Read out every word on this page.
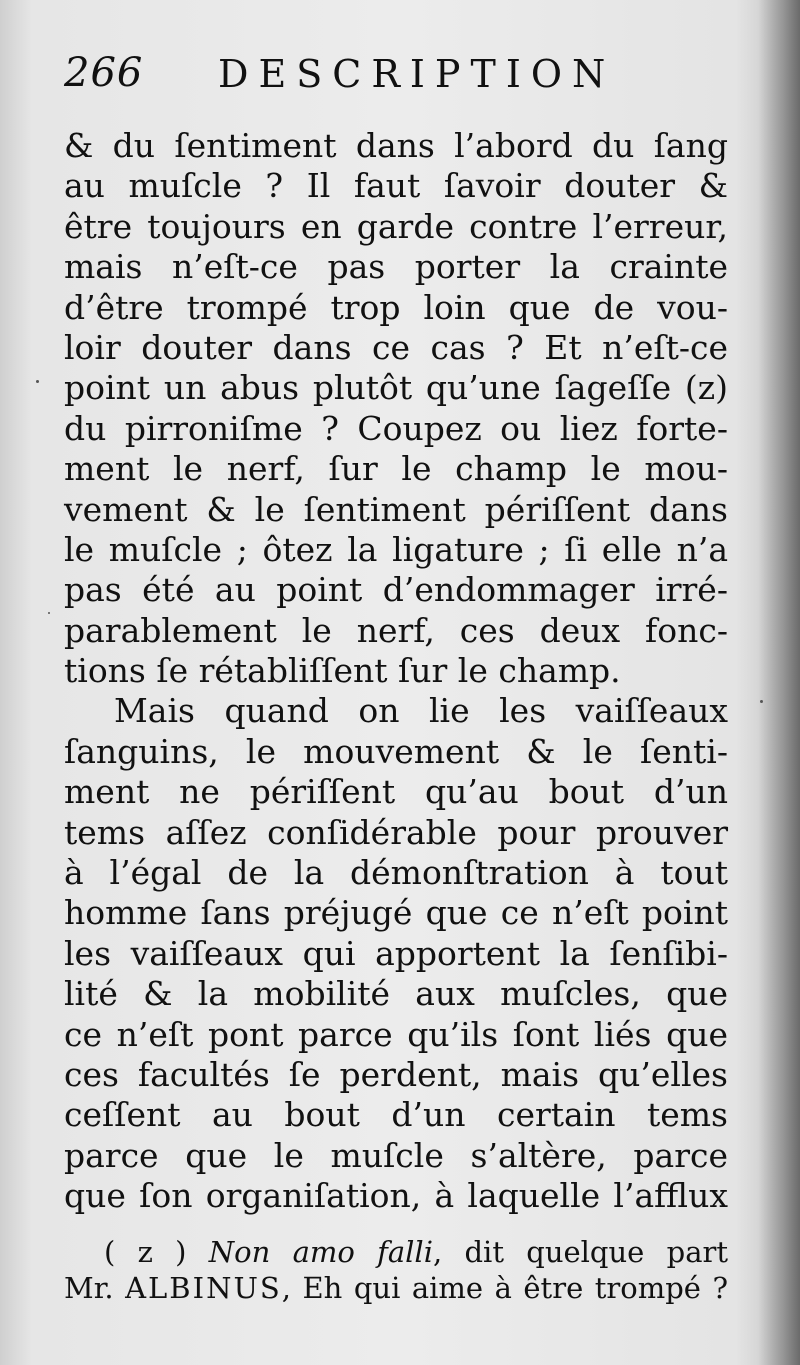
266 DESCRIPTION
& du ſentiment dans l’abord du ſang
au muſcle ? Il faut ſavoir douter &
être toujours en garde contre l’erreur,
mais n’eſt-ce pas porter la crainte
d’être trompé trop loin que de vou-
loir douter dans ce cas ? Et n’eſt-ce
point un abus plutôt qu’une ſageſſe (z)
du pirroniſme ? Coupez ou liez forte-
ment le nerf, ſur le champ le mou-
vement & le ſentiment périſſent dans
le muſcle ; ôtez la ligature ; ſi elle n’a
pas été au point d’endommager irré-
parablement le nerf, ces deux fonc-
tions ſe rétabliſſent ſur le champ.
Mais quand on lie les vaiſſeaux
ſanguins, le mouvement & le ſenti-
ment ne périſſent qu’au bout d’un
tems aſſez conſidérable pour prouver
à l’égal de la démonſtration à tout
homme ſans préjugé que ce n’eſt point
les vaiſſeaux qui apportent la ſenſibi-
lité & la mobilité aux muſcles, que
ce n’eſt pont parce qu’ils ſont liés que
ces facultés ſe perdent, mais qu’elles
ceſſent au bout d’un certain tems
parce que le muſcle s’altère, parce
que ſon organiſation, à laquelle l’afflux
( z ) Non amo falli, dit quelque part
Mr. ALBINUS, Eh qui aime à être trompé ?
